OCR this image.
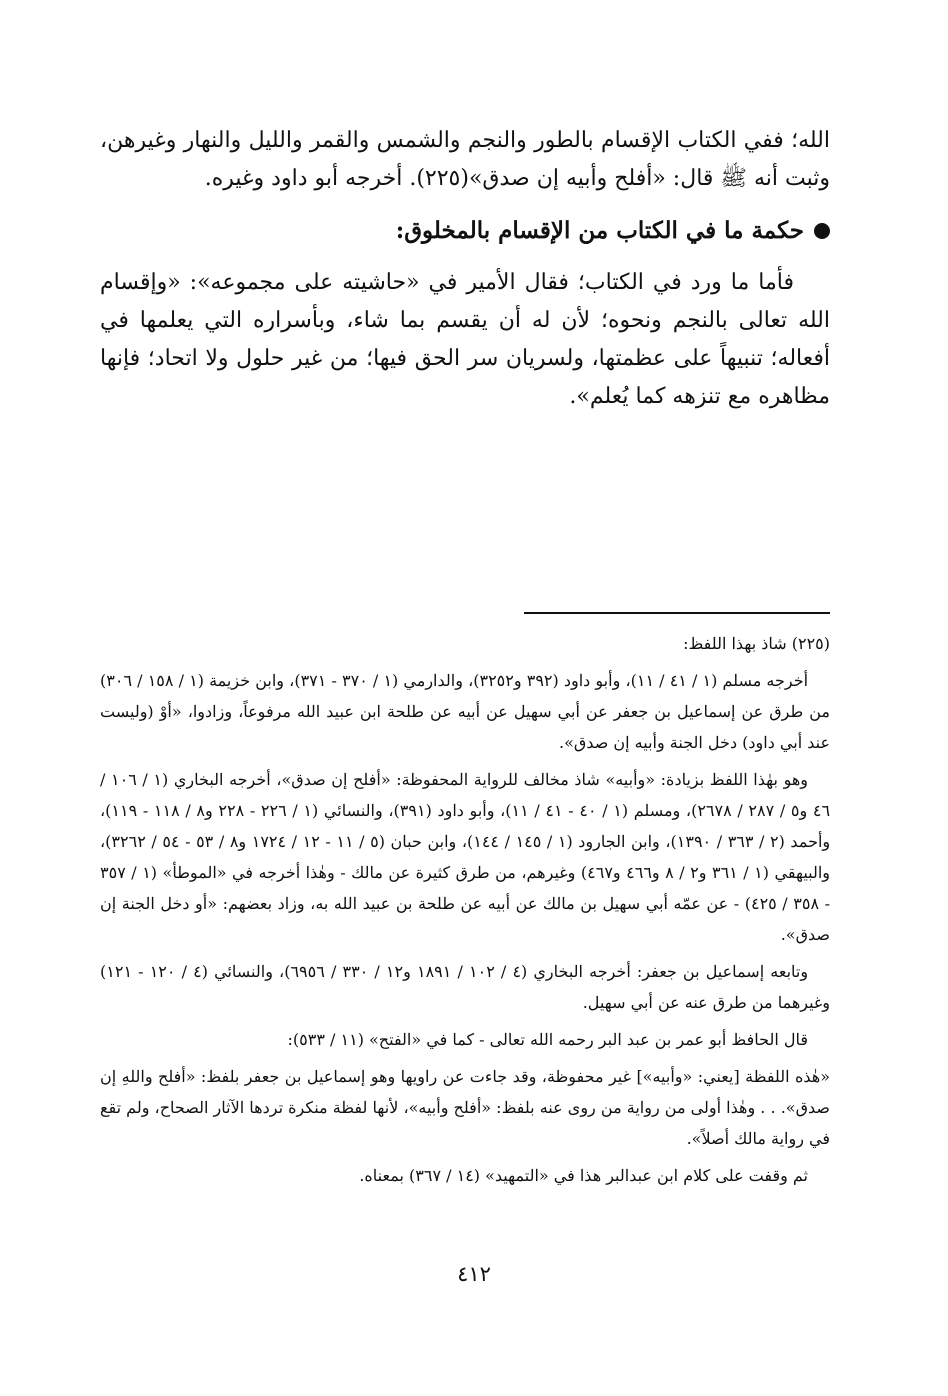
الله؛ ففي الكتاب الإقسام بالطور والنجم والشمس والقمر والليل والنهار وغيرهن، وثبت أنه ﷺ قال: «أفلح وأبيه إن صدق»(٢٢٥). أخرجه أبو داود وغيره.

حكمة ما في الكتاب من الإقسام بالمخلوق:

فأما ما ورد في الكتاب؛ فقال الأمير في «حاشيته على مجموعه»: «وإقسام الله تعالى بالنجم ونحوه؛ لأن له أن يقسم بما شاء، وبأسراره التي يعلمها في أفعاله؛ تنبيهاً على عظمتها، ولسريان سر الحق فيها؛ من غير حلول ولا اتحاد؛ فإنها مظاهره مع تنزهه كما يُعلم».

(٢٢٥) شاذ بهذا اللفظ:

أخرجه مسلم (١ / ٤١ / ١١)، وأبو داود (٣٩٢ و٣٢٥٢)، والدارمي (١ / ٣٧٠ - ٣٧١)، وابن خزيمة (١ / ١٥٨ / ٣٠٦) من طرق عن إسماعيل بن جعفر عن أبي سهيل عن أبيه عن طلحة ابن عبيد الله مرفوعاً، وزادوا، «أوْ (وليست عند أبي داود) دخل الجنة وأبيه إن صدق».

وهو بهٰذا اللفظ بزيادة: «وأبيه» شاذ مخالف للرواية المحفوظة: «أفلح إن صدق»، أخرجه البخاري (١ / ١٠٦ / ٤٦ و٥ / ٢٨٧ / ٢٦٧٨)، ومسلم (١ / ٤٠ - ٤١ / ١١)، وأبو داود (٣٩١)، والنسائي (١ / ٢٢٦ - ٢٢٨ و٨ / ١١٨ - ١١٩)، وأحمد (٢ / ٣٦٣ / ١٣٩٠)، وابن الجارود (١ / ١٤٥ / ١٤٤)، وابن حبان (٥ / ١١ - ١٢ / ١٧٢٤ و٨ / ٥٣ - ٥٤ / ٣٢٦٢)، والبيهقي (١ / ٣٦١ و٢ / ٨ و٤٦٦ و٤٦٧) وغيرهم، من طرق كثيرة عن مالك - وهٰذا أخرجه في «الموطأ» (١ / ٣٥٧ - ٣٥٨ / ٤٢٥) - عن عمّه أبي سهيل بن مالك عن أبيه عن طلحة بن عبيد الله به، وزاد بعضهم: «أو دخل الجنة إن صدق».

وتابعه إسماعيل بن جعفر: أخرجه البخاري (٤ / ١٠٢ / ١٨٩١ و١٢ / ٣٣٠ / ٦٩٥٦)، والنسائي (٤ / ١٢٠ - ١٢١) وغيرهما من طرق عنه عن أبي سهيل.

قال الحافظ أبو عمر بن عبد البر رحمه الله تعالى - كما في «الفتح» (١١ / ٥٣٣):

«هٰذه اللفظة [يعني: «وأبيه»] غير محفوظة، وقد جاءت عن راويها وهو إسماعيل بن جعفر بلفظ: «أفلح واللهِ إن صدق». . . وهٰذا أولى من رواية من روى عنه بلفظ: «أفلح وأبيه»، لأنها لفظة منكرة تردها الآثار الصحاح، ولم تقع في رواية مالك أصلاً».

ثم وقفت على كلام ابن عبدالبر هذا في «التمهيد» (١٤ / ٣٦٧) بمعناه.

٤١٢
